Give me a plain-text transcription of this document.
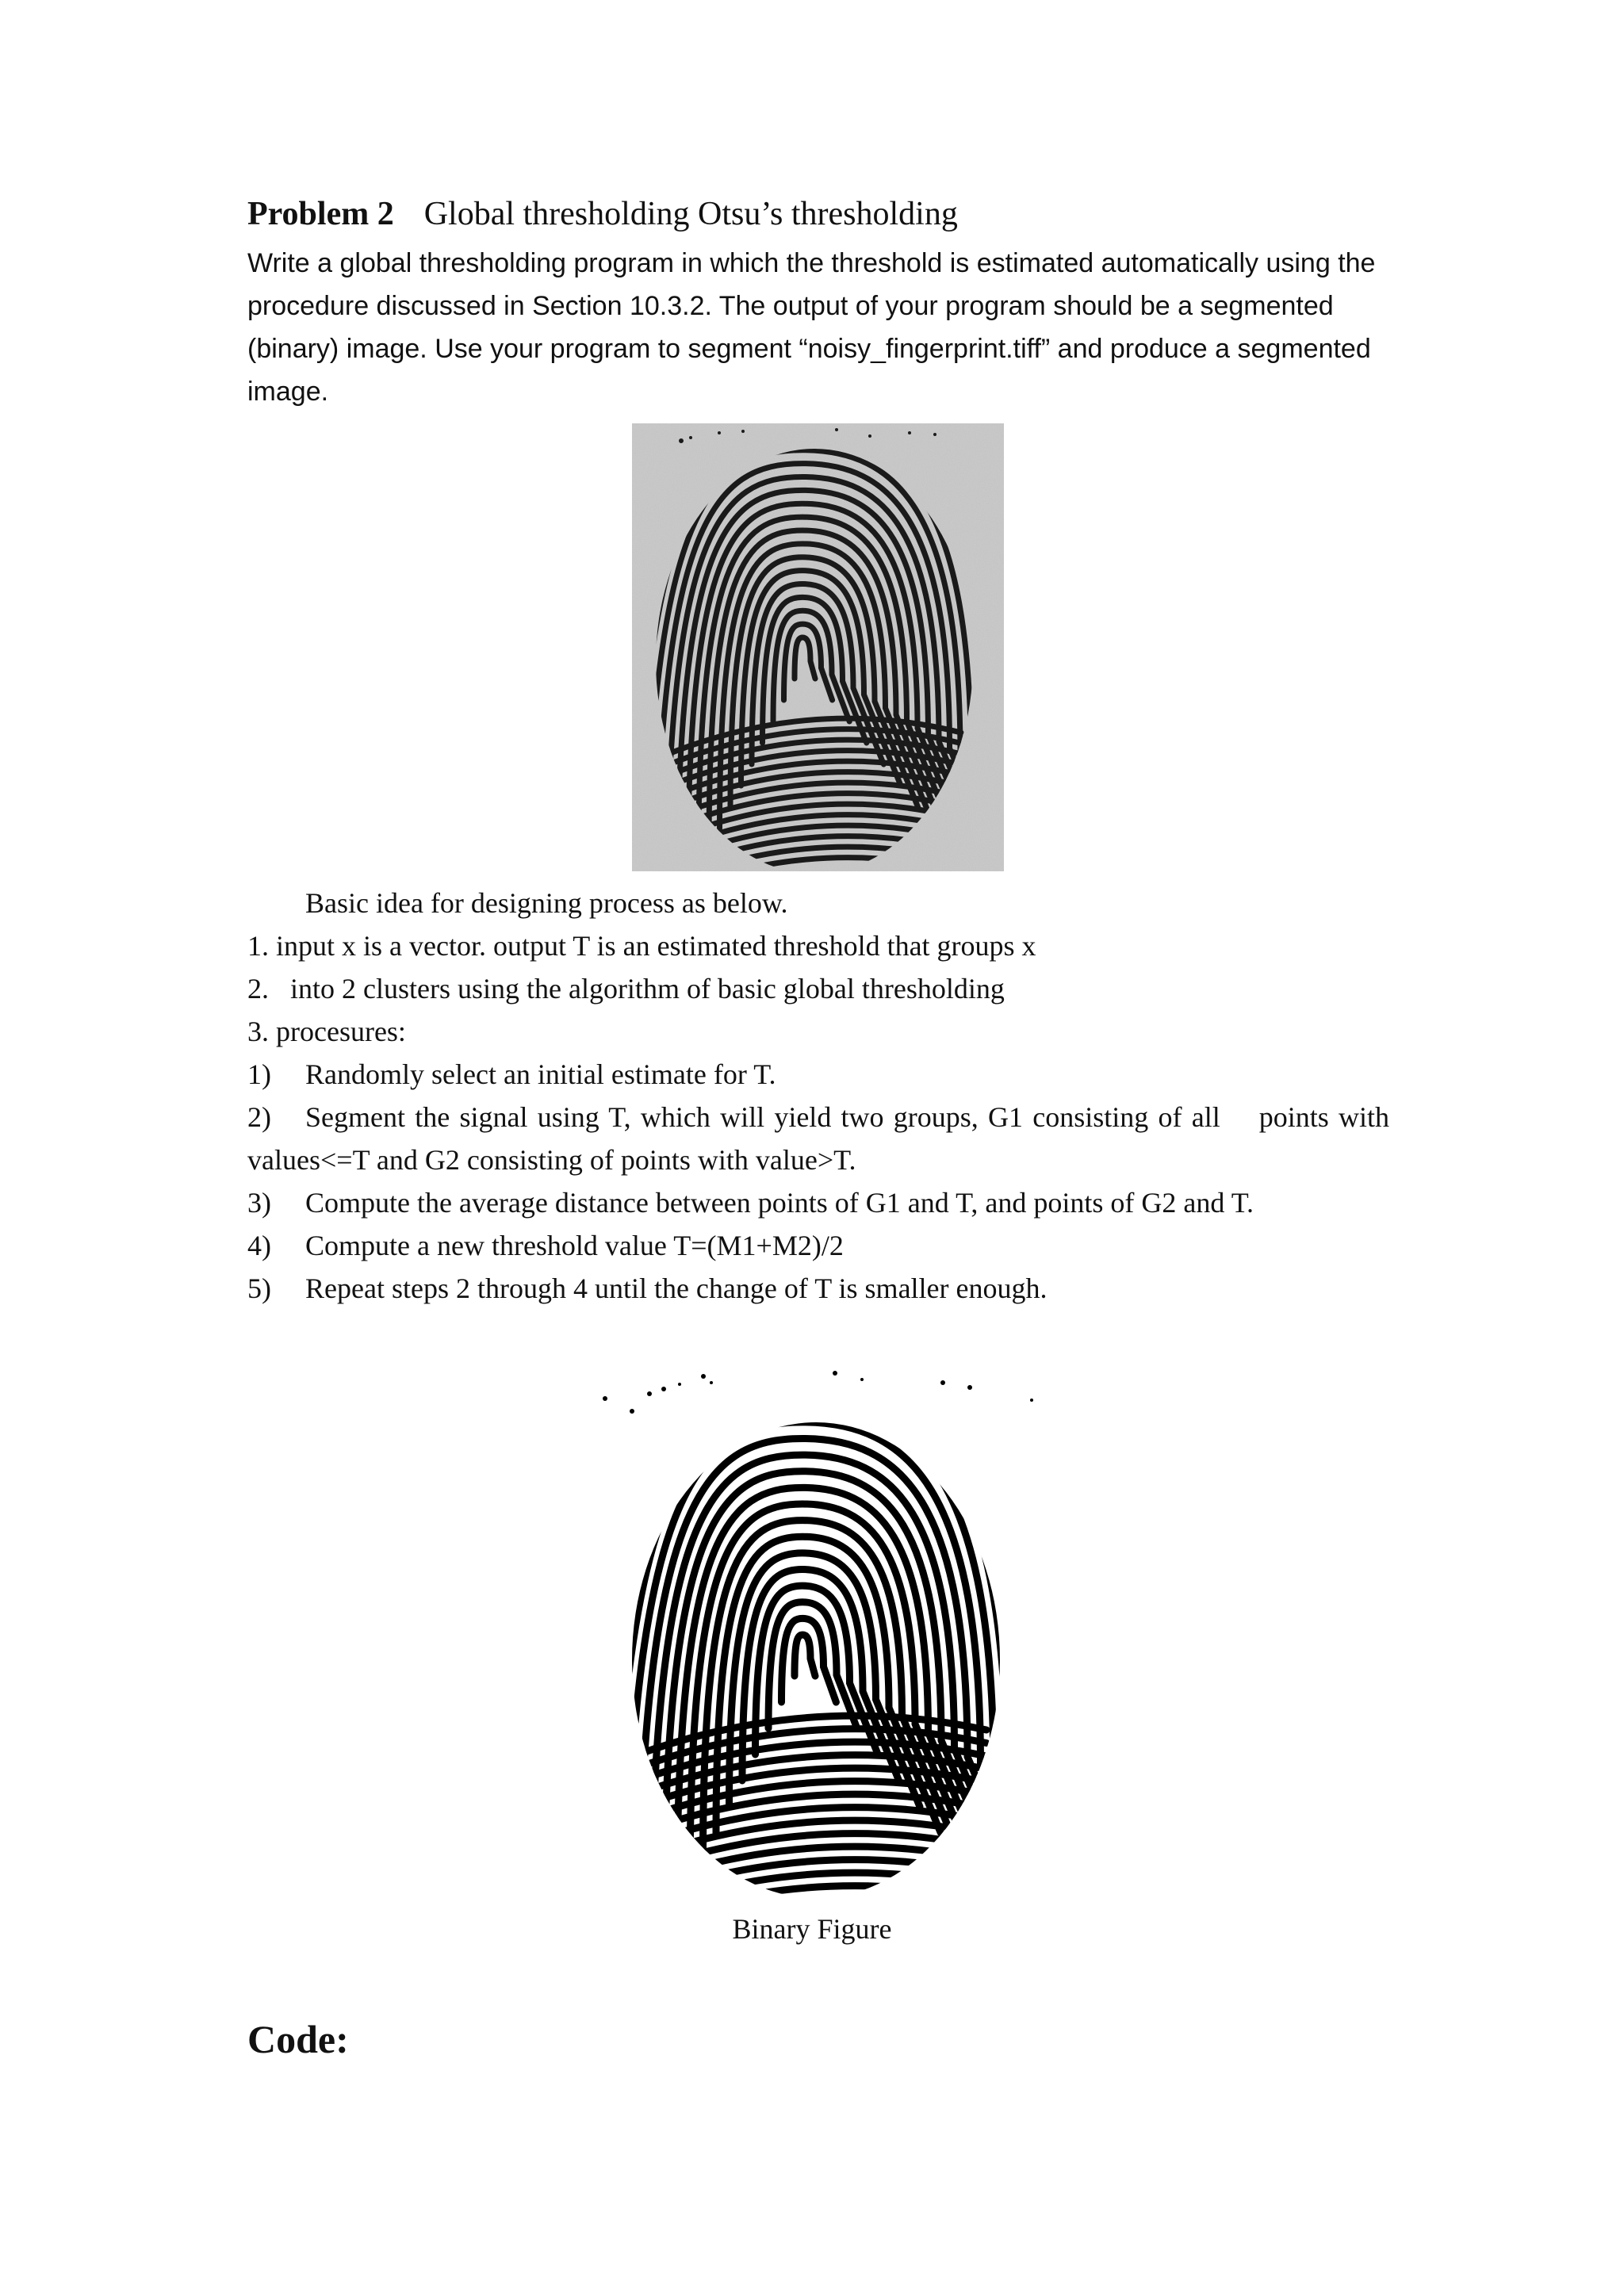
Problem 2 Global thresholding Otsu’s thresholding
Write a global thresholding program in which the threshold is estimated automatically using the procedure discussed in Section 10.3.2. The output of your program should be a segmented (binary) image. Use your program to segment “noisy_fingerprint.tiff” and produce a segmented image.
Basic idea for designing process as below.
1. input x is a vector. output T is an estimated threshold that groups x
2.   into 2 clusters using the algorithm of basic global thresholding
3. procesures:
1) Randomly select an initial estimate for T.
2) Segment the signal using T, which will yield two groups, G1 consisting of all    points with
values<=T and G2 consisting of points with value>T.
3) Compute the average distance between points of G1 and T, and points of G2 and T.
4) Compute a new threshold value T=(M1+M2)/2
5) Repeat steps 2 through 4 until the change of T is smaller enough.
Binary Figure
Code:
